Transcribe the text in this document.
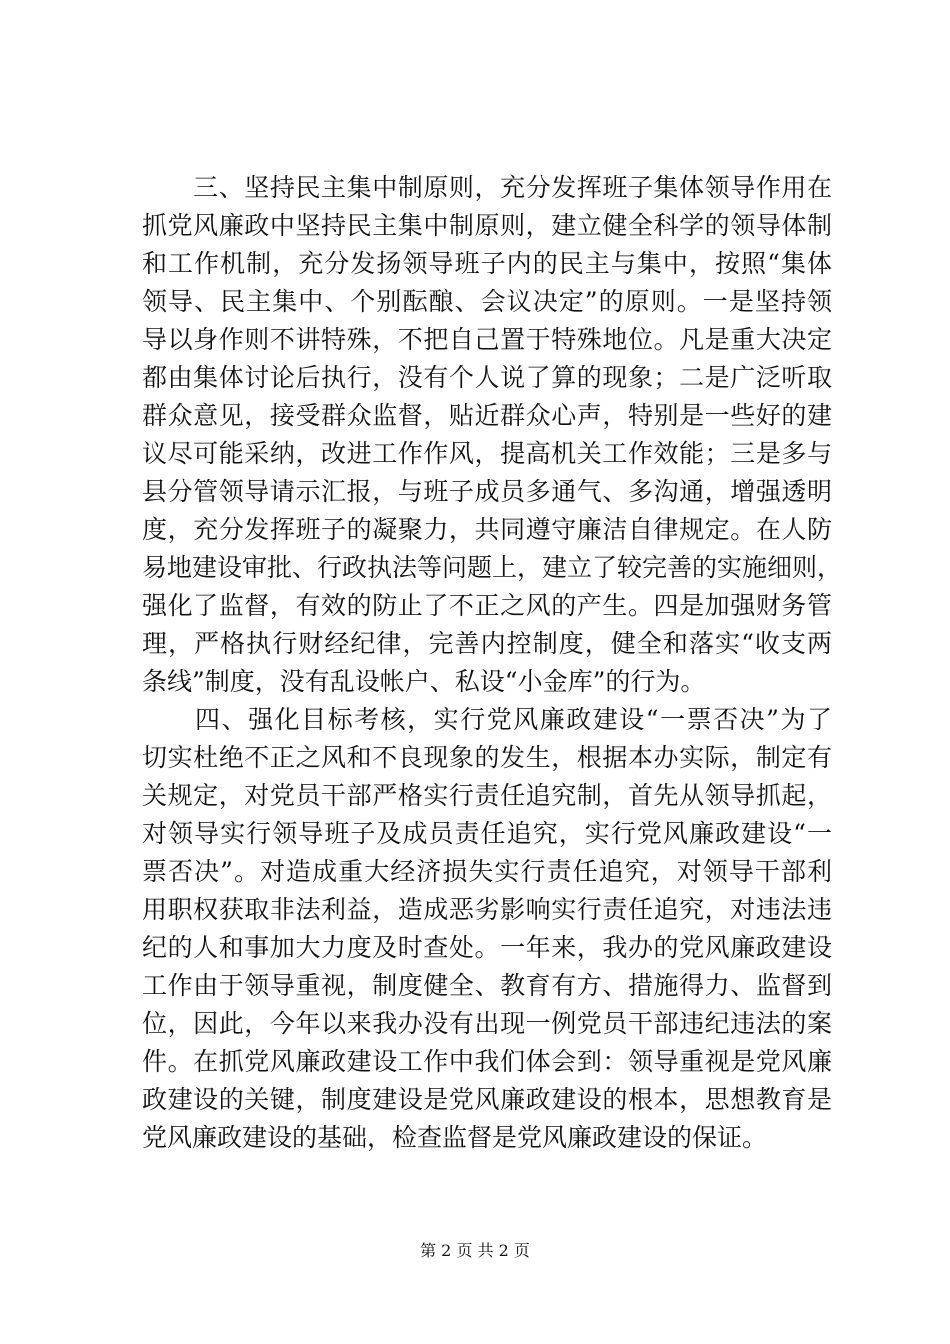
　　三、坚持民主集中制原则，充分发挥班子集体领导作用在
抓党风廉政中坚持民主集中制原则，建立健全科学的领导体制
和工作机制，充分发扬领导班子内的民主与集中，按照“集体
领导、民主集中、个别酝酿、会议决定”的原则。一是坚持领
导以身作则不讲特殊，不把自己置于特殊地位。凡是重大决定
都由集体讨论后执行，没有个人说了算的现象；二是广泛听取
群众意见，接受群众监督，贴近群众心声，特别是一些好的建
议尽可能采纳，改进工作作风，提高机关工作效能；三是多与
县分管领导请示汇报，与班子成员多通气、多沟通，增强透明
度，充分发挥班子的凝聚力，共同遵守廉洁自律规定。在人防
易地建设审批、行政执法等问题上，建立了较完善的实施细则，
强化了监督，有效的防止了不正之风的产生。四是加强财务管
理，严格执行财经纪律，完善内控制度，健全和落实“收支两
条线”制度，没有乱设帐户、私设“小金库”的行为。
　　四、强化目标考核，实行党风廉政建设“一票否决”为了
切实杜绝不正之风和不良现象的发生，根据本办实际，制定有
关规定，对党员干部严格实行责任追究制，首先从领导抓起，
对领导实行领导班子及成员责任追究，实行党风廉政建设“一
票否决”。对造成重大经济损失实行责任追究，对领导干部利
用职权获取非法利益，造成恶劣影响实行责任追究，对违法违
纪的人和事加大力度及时查处。一年来，我办的党风廉政建设
工作由于领导重视，制度健全、教育有方、措施得力、监督到
位，因此，今年以来我办没有出现一例党员干部违纪违法的案
件。在抓党风廉政建设工作中我们体会到：领导重视是党风廉
政建设的关键，制度建设是党风廉政建设的根本，思想教育是
党风廉政建设的基础，检查监督是党风廉政建设的保证。
第 2 页 共 2 页
